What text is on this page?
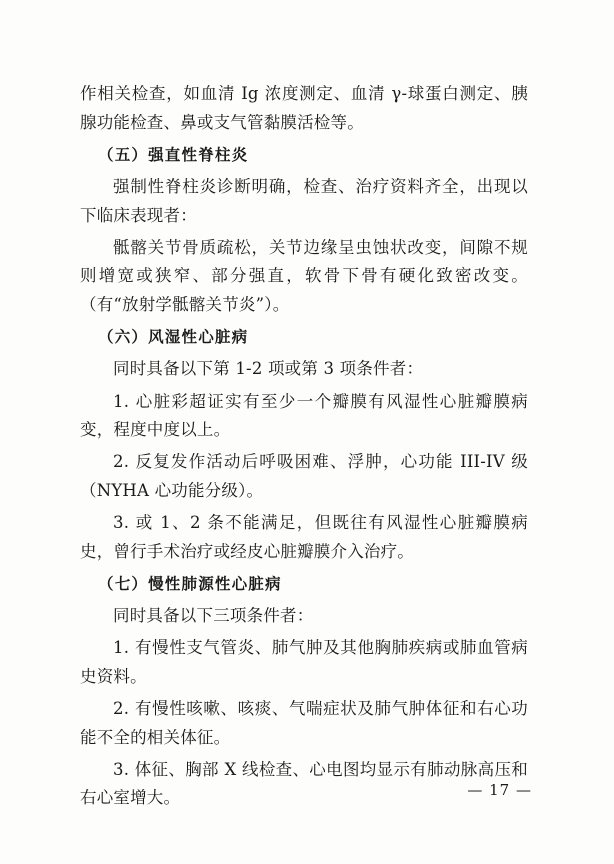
作相关检查，如血清 Ig 浓度测定、血清 γ-球蛋白测定、胰腺功能检查、鼻或支气管黏膜活检等。

（五）强直性脊柱炎

强制性脊柱炎诊断明确，检查、治疗资料齐全，出现以下临床表现者：

骶髂关节骨质疏松，关节边缘呈虫蚀状改变，间隙不规则增宽或狭窄、部分强直，软骨下骨有硬化致密改变。（有“放射学骶髂关节炎”）。

（六）风湿性心脏病

同时具备以下第 1-2 项或第 3 项条件者：

1. 心脏彩超证实有至少一个瓣膜有风湿性心脏瓣膜病变，程度中度以上。

2. 反复发作活动后呼吸困难、浮肿，心功能 III-IV 级（NYHA 心功能分级）。

3. 或 1、2 条不能满足，但既往有风湿性心脏瓣膜病史，曾行手术治疗或经皮心脏瓣膜介入治疗。

（七）慢性肺源性心脏病

同时具备以下三项条件者：

1. 有慢性支气管炎、肺气肿及其他胸肺疾病或肺血管病史资料。

2. 有慢性咳嗽、咳痰、气喘症状及肺气肿体征和右心功能不全的相关体征。

3. 体征、胸部 X 线检查、心电图均显示有肺动脉高压和右心室增大。	— 17 —
